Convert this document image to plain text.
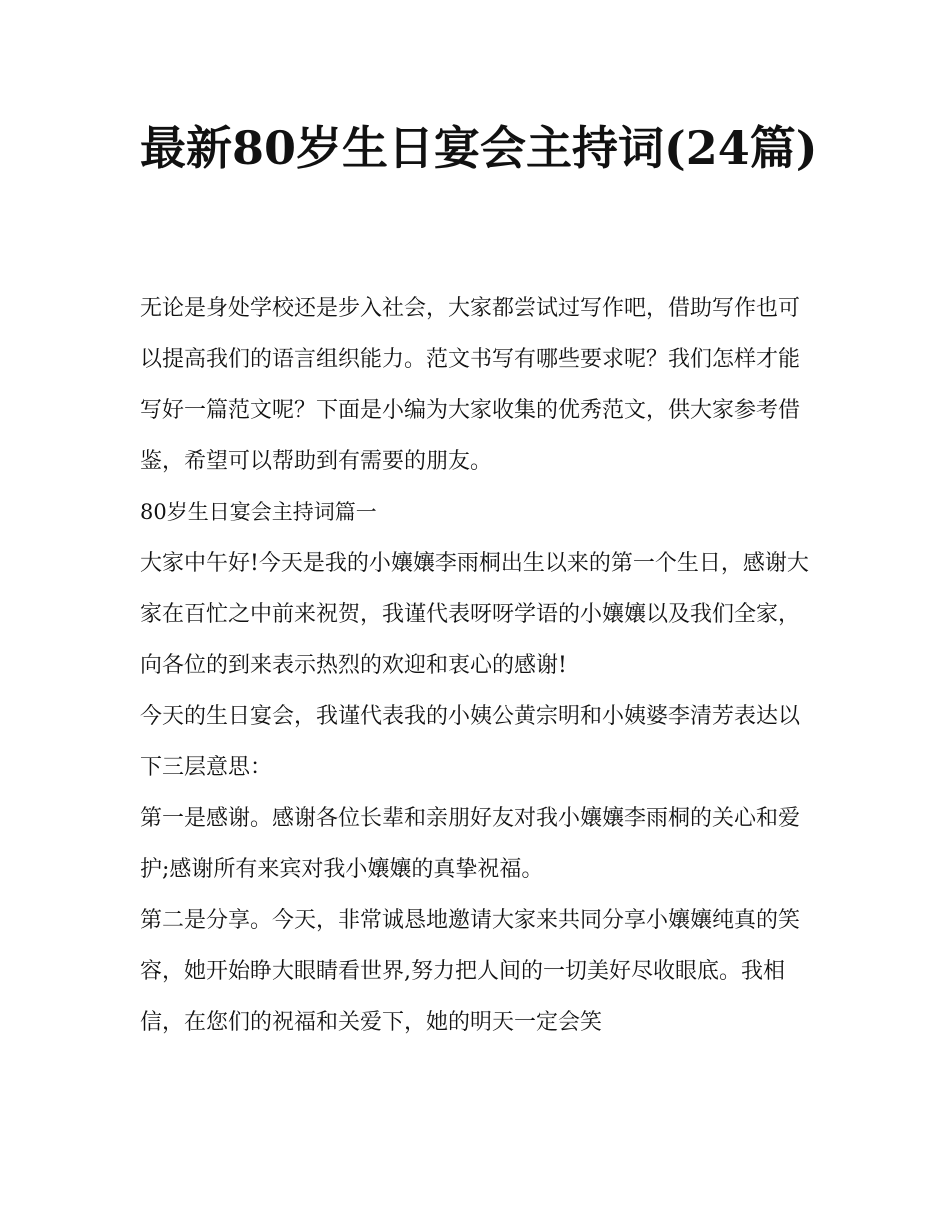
最新80岁生日宴会主持词(24篇)

无论是身处学校还是步入社会，大家都尝试过写作吧，借助写作也可以提高我们的语言组织能力。范文书写有哪些要求呢？我们怎样才能写好一篇范文呢？下面是小编为大家收集的优秀范文，供大家参考借鉴，希望可以帮助到有需要的朋友。

80岁生日宴会主持词篇一

大家中午好!今天是我的小孃孃李雨桐出生以来的第一个生日，感谢大家在百忙之中前来祝贺，我谨代表呀呀学语的小孃孃以及我们全家，向各位的到来表示热烈的欢迎和衷心的感谢!

今天的生日宴会，我谨代表我的小姨公黄宗明和小姨婆李清芳表达以下三层意思：

第一是感谢。感谢各位长辈和亲朋好友对我小孃孃李雨桐的关心和爱护;感谢所有来宾对我小孃孃的真挚祝福。

第二是分享。今天，非常诚恳地邀请大家来共同分享小孃孃纯真的笑容，她开始睁大眼睛看世界,努力把人间的一切美好尽收眼底。我相信，在您们的祝福和关爱下，她的明天一定会笑
